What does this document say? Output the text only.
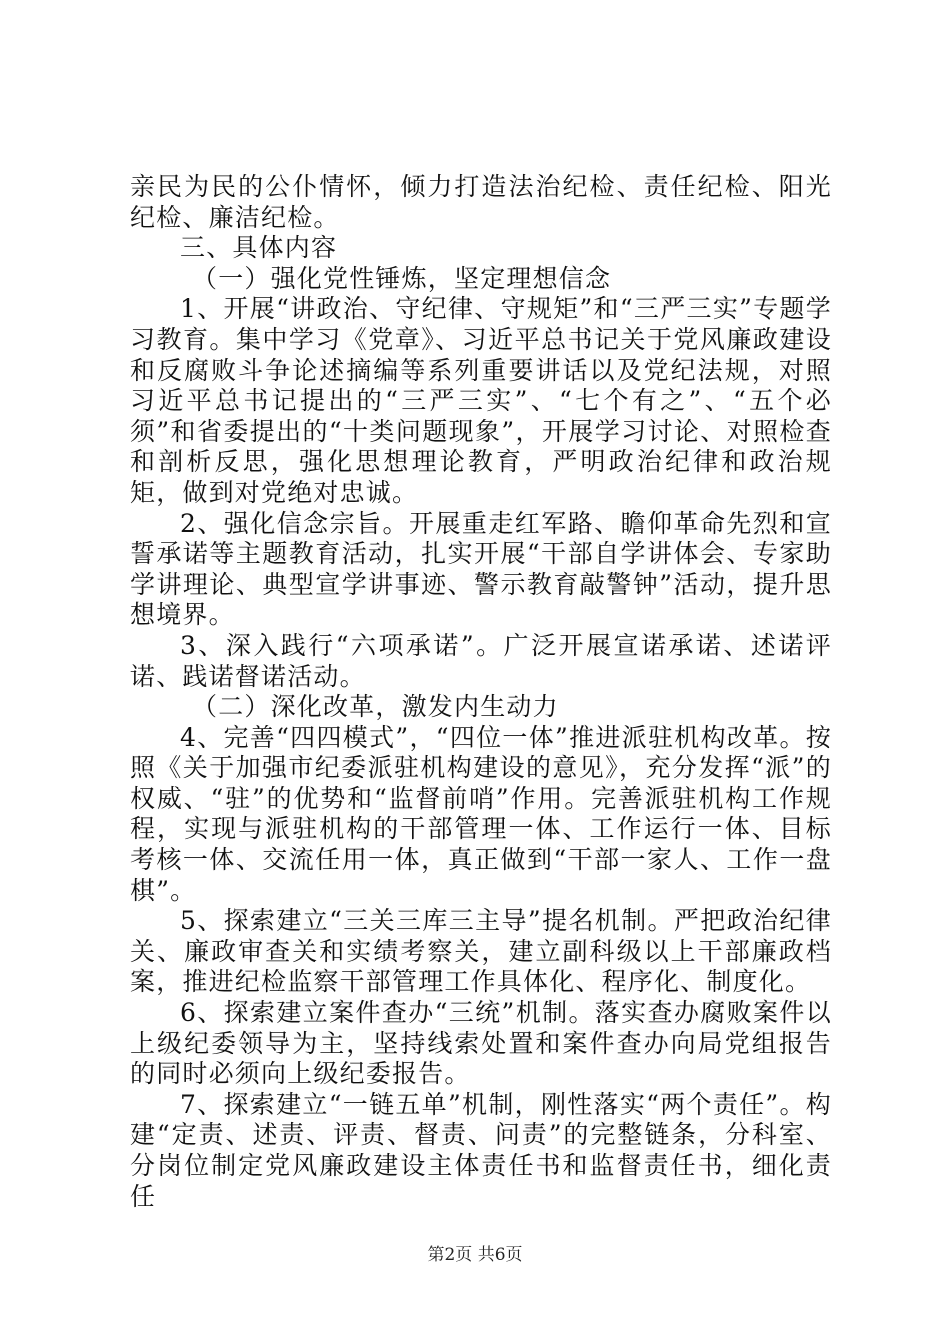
亲民为民的公仆情怀，倾力打造法治纪检、责任纪检、阳光纪检、廉洁纪检。

三、具体内容

（一）强化党性锤炼，坚定理想信念

1、开展“讲政治、守纪律、守规矩”和“三严三实”专题学习教育。集中学习《党章》、习近平总书记关于党风廉政建设和反腐败斗争论述摘编等系列重要讲话以及党纪法规，对照习近平总书记提出的“三严三实”、“七个有之”、“五个必须”和省委提出的“十类问题现象”，开展学习讨论、对照检查和剖析反思，强化思想理论教育，严明政治纪律和政治规矩，做到对党绝对忠诚。

2、强化信念宗旨。开展重走红军路、瞻仰革命先烈和宣誓承诺等主题教育活动，扎实开展“干部自学讲体会、专家助学讲理论、典型宣学讲事迹、警示教育敲警钟”活动，提升思想境界。

3、深入践行“六项承诺”。广泛开展宣诺承诺、述诺评诺、践诺督诺活动。

（二）深化改革，激发内生动力

4、完善“四四模式”，“四位一体”推进派驻机构改革。按照《关于加强市纪委派驻机构建设的意见》，充分发挥“派”的权威、“驻”的优势和“监督前哨”作用。完善派驻机构工作规程，实现与派驻机构的干部管理一体、工作运行一体、目标考核一体、交流任用一体，真正做到“干部一家人、工作一盘棋”。

5、探索建立“三关三库三主导”提名机制。严把政治纪律关、廉政审查关和实绩考察关，建立副科级以上干部廉政档案，推进纪检监察干部管理工作具体化、程序化、制度化。

6、探索建立案件查办“三统”机制。落实查办腐败案件以上级纪委领导为主，坚持线索处置和案件查办向局党组报告的同时必须向上级纪委报告。

7、探索建立“一链五单”机制，刚性落实“两个责任”。构建“定责、述责、评责、督责、问责”的完整链条，分科室、分岗位制定党风廉政建设主体责任书和监督责任书，细化责任

第2页 共6页
